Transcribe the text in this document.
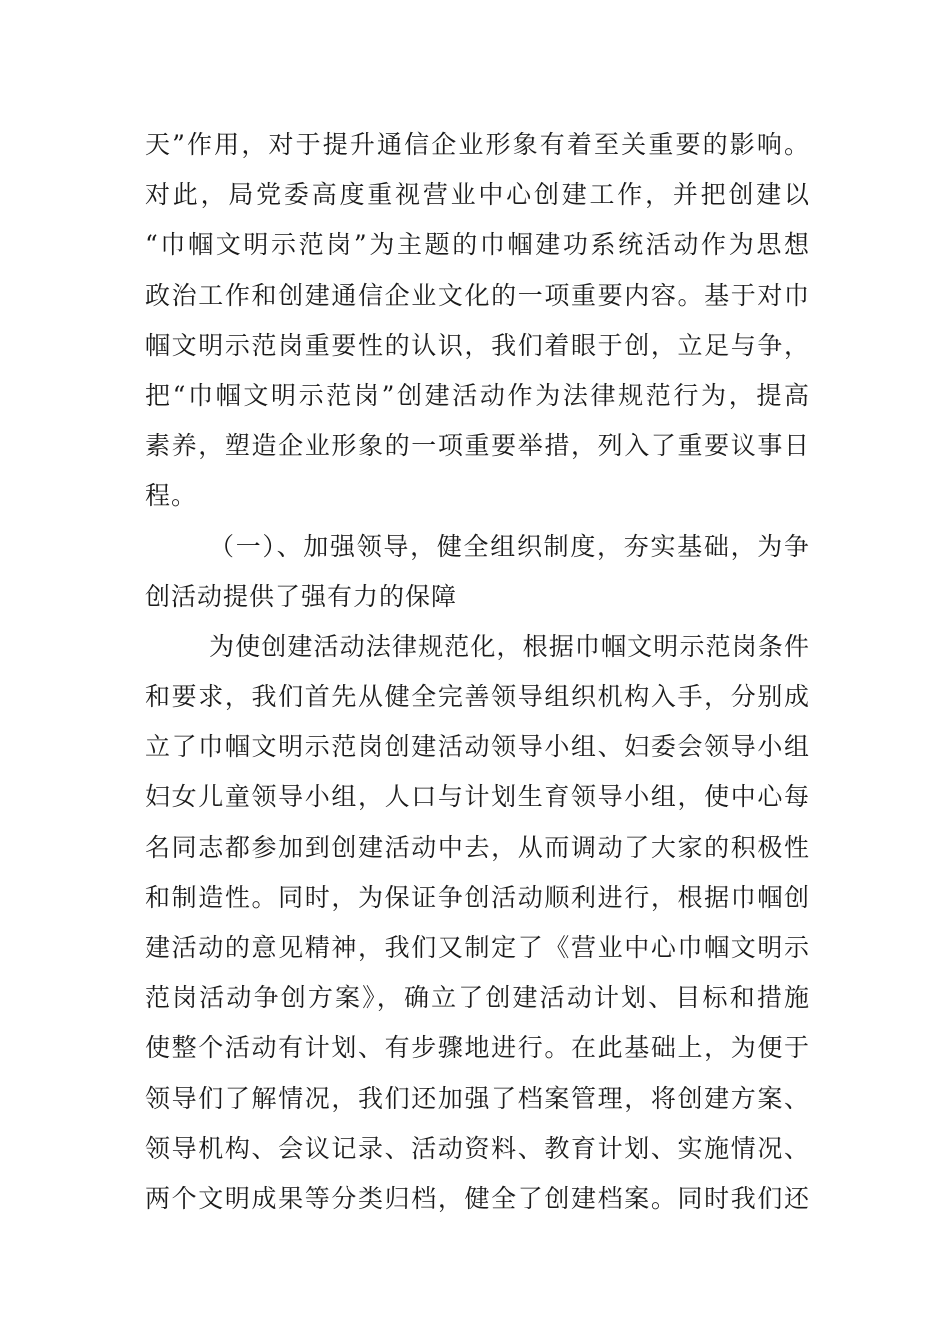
天”作用，对于提升通信企业形象有着至关重要的影响。
对此，局党委高度重视营业中心创建工作，并把创建以
“巾帼文明示范岗”为主题的巾帼建功系统活动作为思想
政治工作和创建通信企业文化的一项重要内容。基于对巾
帼文明示范岗重要性的认识，我们着眼于创，立足与争，
把“巾帼文明示范岗”创建活动作为法律规范行为，提高
素养，塑造企业形象的一项重要举措，列入了重要议事日
程。
（一）、加强领导，健全组织制度，夯实基础，为争
创活动提供了强有力的保障
为使创建活动法律规范化，根据巾帼文明示范岗条件
和要求，我们首先从健全完善领导组织机构入手，分别成
立了巾帼文明示范岗创建活动领导小组、妇委会领导小组
妇女儿童领导小组，人口与计划生育领导小组，使中心每
名同志都参加到创建活动中去，从而调动了大家的积极性
和制造性。同时，为保证争创活动顺利进行，根据巾帼创
建活动的意见精神，我们又制定了《营业中心巾帼文明示
范岗活动争创方案》，确立了创建活动计划、目标和措施
使整个活动有计划、有步骤地进行。在此基础上，为便于
领导们了解情况，我们还加强了档案管理，将创建方案、
领导机构、会议记录、活动资料、教育计划、实施情况、
两个文明成果等分类归档，健全了创建档案。同时我们还
